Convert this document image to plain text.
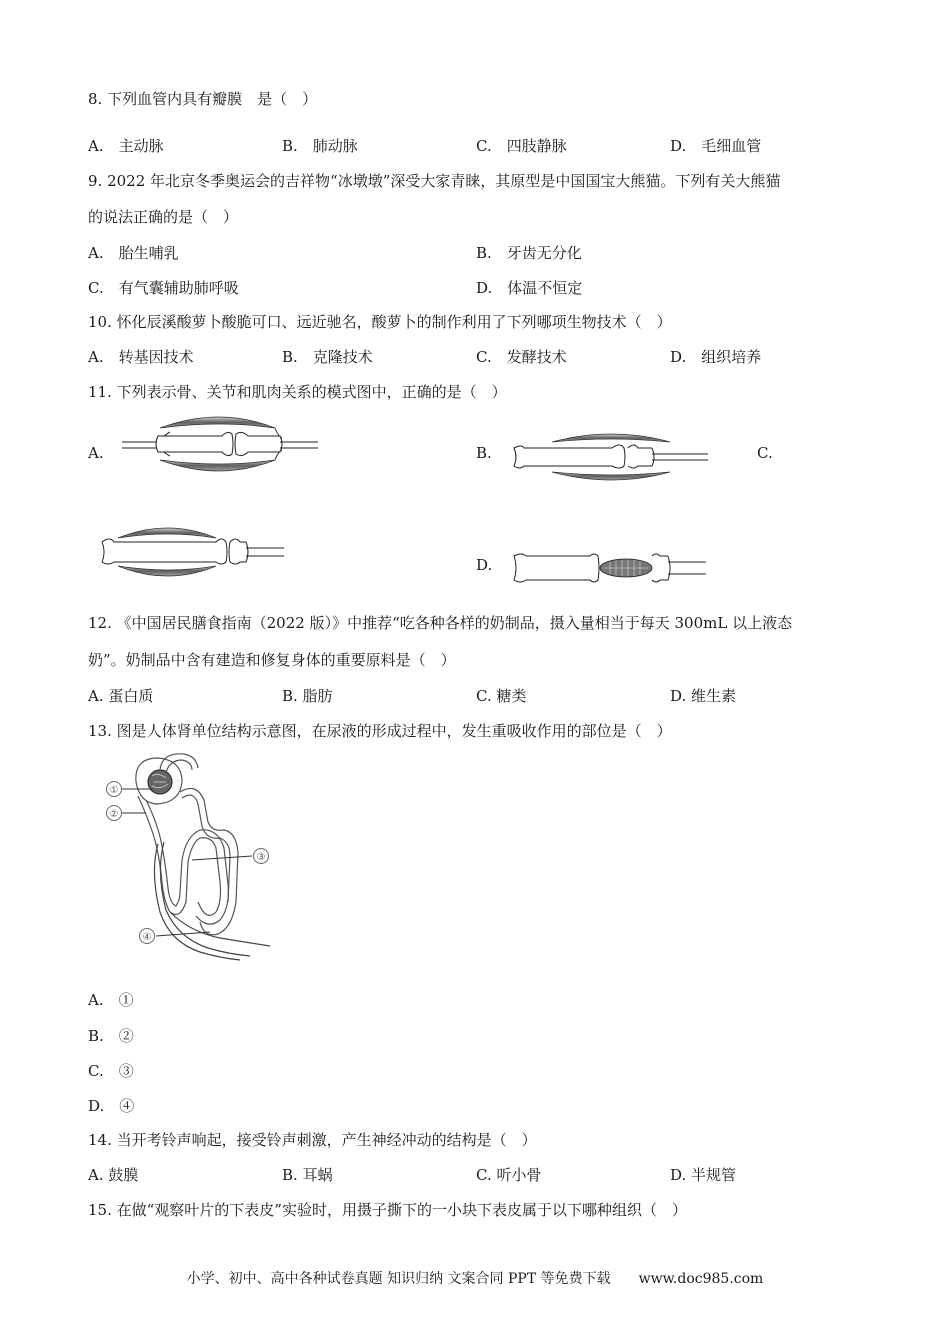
8. 下列血管内具有瓣膜　是（　）
A.　主动脉	B.　肺动脉	C.　四肢静脉	D.　毛细血管
9. 2022 年北京冬季奥运会的吉祥物“冰墩墩”深受大家青睐，其原型是中国国宝大熊猫。下列有关大熊猫
的说法正确的是（　）
A.　胎生哺乳	B.　牙齿无分化
C.　有气囊辅助肺呼吸	D.　体温不恒定
10. 怀化辰溪酸萝卜酸脆可口、远近驰名，酸萝卜的制作利用了下列哪项生物技术（　）
A.　转基因技术	B.　克隆技术	C.　发酵技术	D.　组织培养
11. 下列表示骨、关节和肌肉关系的模式图中，正确的是（　）
A.	B.	C.
D.
12. 《中国居民膳食指南（2022 版）》中推荐“吃各种各样的奶制品，摄入量相当于每天 300mL 以上液态
奶”。奶制品中含有建造和修复身体的重要原料是（　）
A. 蛋白质	B. 脂肪	C. 糖类	D. 维生素
13. 图是人体肾单位结构示意图，在尿液的形成过程中，发生重吸收作用的部位是（　）
①
②
③
④
A.　①
B.　②
C.　③
D.　④
14. 当开考铃声响起，接受铃声刺激，产生神经冲动的结构是（　）
A. 鼓膜	B. 耳蜗	C. 听小骨	D. 半规管
15. 在做“观察叶片的下表皮”实验时，用摄子撕下的一小块下表皮属于以下哪种组织（　）
小学、初中、高中各种试卷真题 知识归纳 文案合同 PPT 等免费下载　　www.doc985.com
